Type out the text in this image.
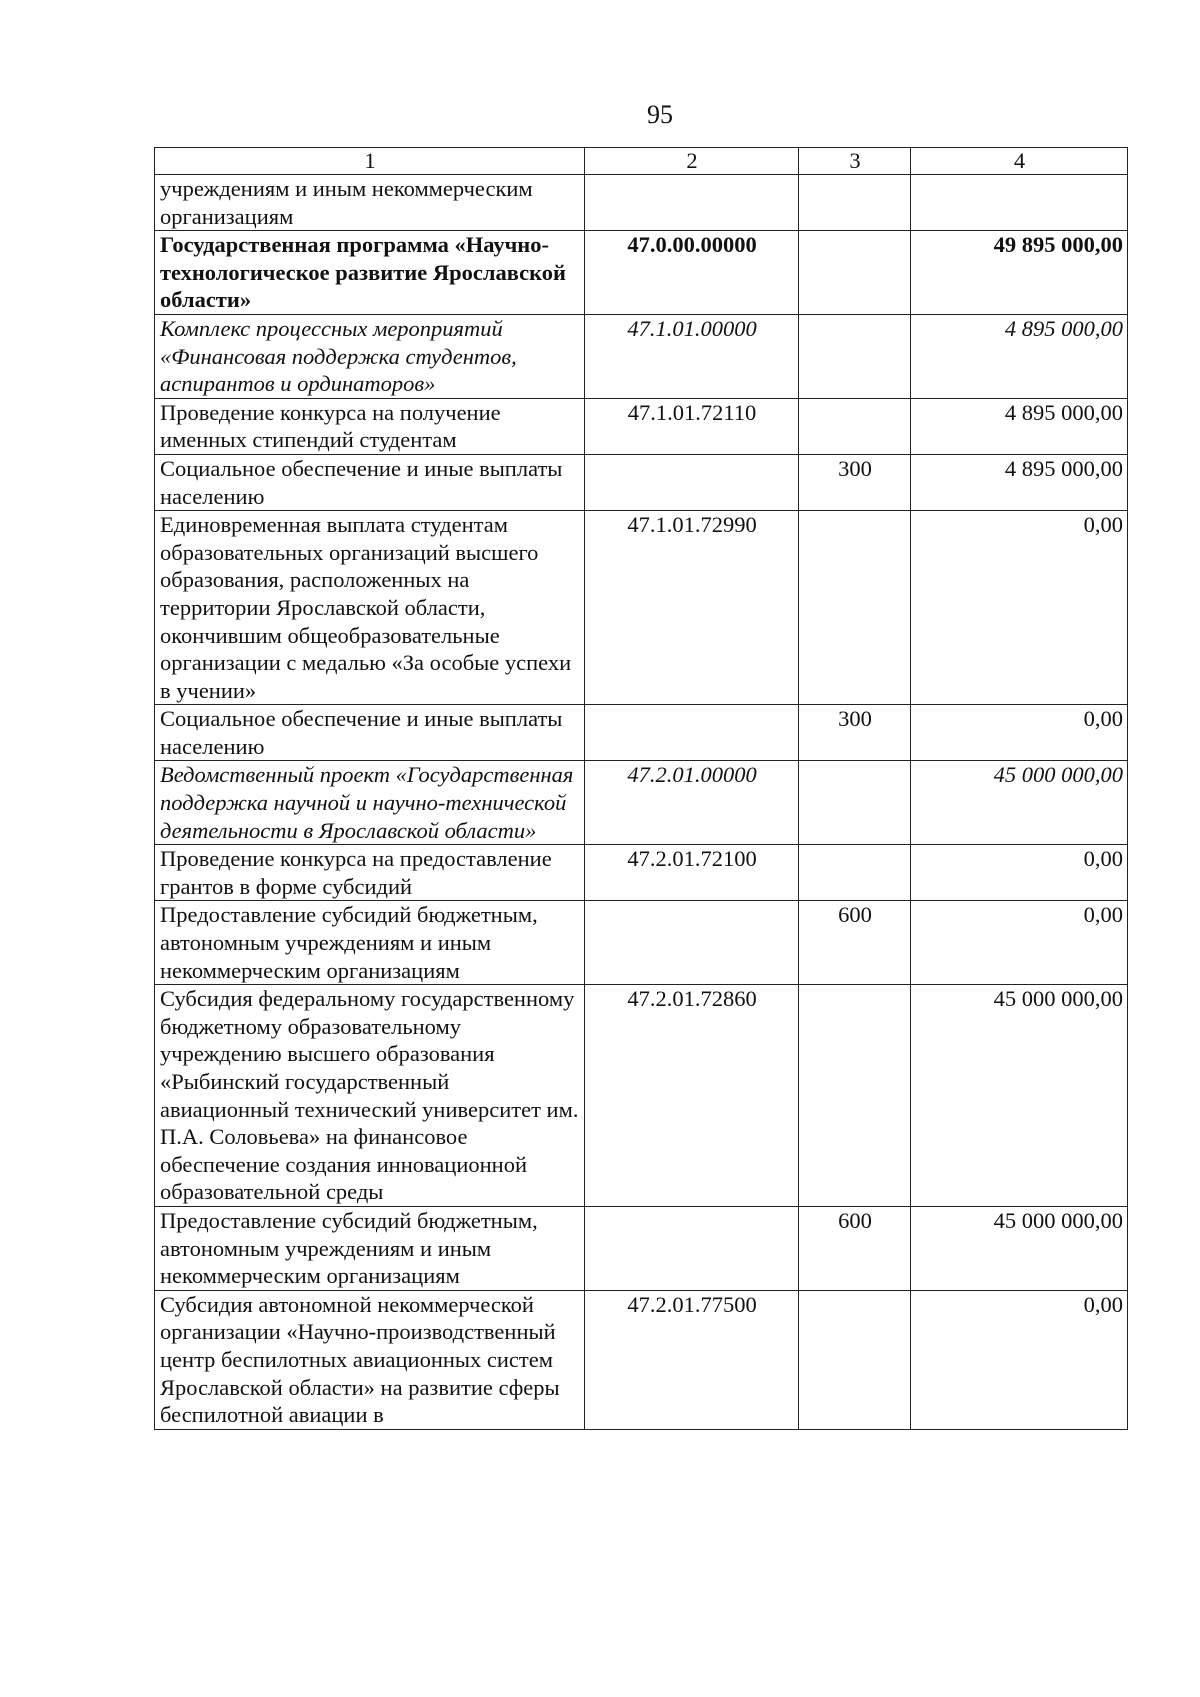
95
1	2	3	4
учреждениям и иным некоммерческим организациям			
Государственная программа «Научно-технологическое развитие Ярославской области»	47.0.00.00000		49 895 000,00
Комплекс процессных мероприятий «Финансовая поддержка студентов, аспирантов и ординаторов»	47.1.01.00000		4 895 000,00
Проведение конкурса на получение именных стипендий студентам	47.1.01.72110		4 895 000,00
Социальное обеспечение и иные выплаты населению		300	4 895 000,00
Единовременная выплата студентам образовательных организаций высшего образования, расположенных на территории Ярославской области, окончившим общеобразовательные организации с медалью «За особые успехи в учении»	47.1.01.72990		0,00
Социальное обеспечение и иные выплаты населению		300	0,00
Ведомственный проект «Государственная поддержка научной и научно-технической деятельности в Ярославской области»	47.2.01.00000		45 000 000,00
Проведение конкурса на предоставление грантов в форме субсидий	47.2.01.72100		0,00
Предоставление субсидий бюджетным, автономным учреждениям и иным некоммерческим организациям		600	0,00
Субсидия федеральному государственному бюджетному образовательному учреждению высшего образования «Рыбинский государственный авиационный технический университет им. П.А. Соловьева» на финансовое обеспечение создания инновационной образовательной среды	47.2.01.72860		45 000 000,00
Предоставление субсидий бюджетным, автономным учреждениям и иным некоммерческим организациям		600	45 000 000,00
Субсидия автономной некоммерческой организации «Научно-производственный центр беспилотных авиационных систем Ярославской области» на развитие сферы беспилотной авиации в	47.2.01.77500		0,00
